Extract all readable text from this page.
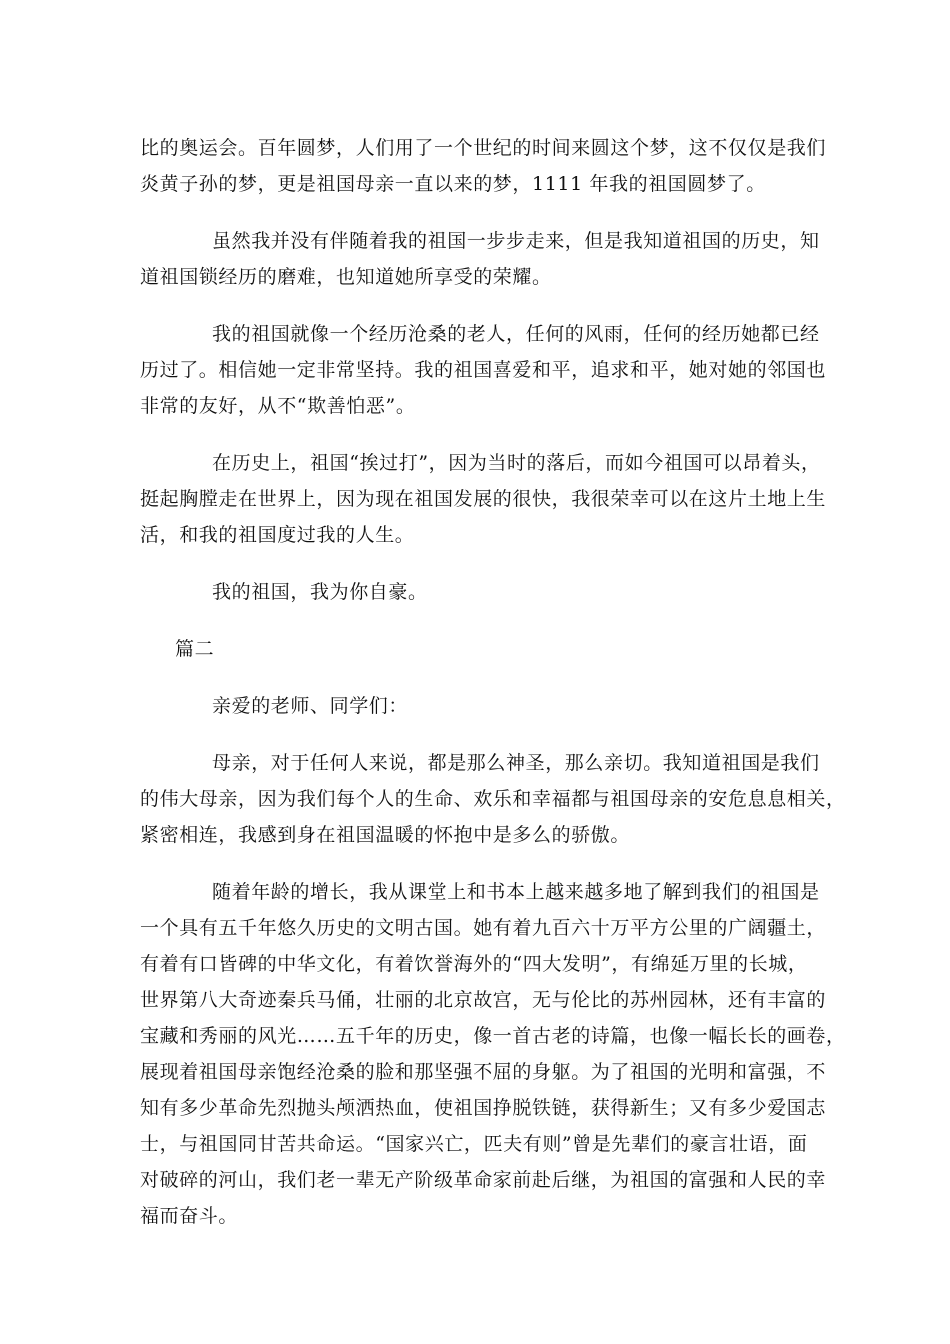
比的奥运会。百年圆梦，人们用了一个世纪的时间来圆这个梦，这不仅仅是我们
炎黄子孙的梦，更是祖国母亲一直以来的梦，1111 年我的祖国圆梦了。
虽然我并没有伴随着我的祖国一步步走来，但是我知道祖国的历史，知
道祖国锁经历的磨难，也知道她所享受的荣耀。
我的祖国就像一个经历沧桑的老人，任何的风雨，任何的经历她都已经
历过了。相信她一定非常坚持。我的祖国喜爱和平，追求和平，她对她的邻国也
非常的友好，从不“欺善怕恶”。
在历史上，祖国“挨过打”，因为当时的落后，而如今祖国可以昂着头，
挺起胸膛走在世界上，因为现在祖国发展的很快，我很荣幸可以在这片土地上生
活，和我的祖国度过我的人生。
我的祖国，我为你自豪。
篇二
亲爱的老师、同学们：
母亲，对于任何人来说，都是那么神圣，那么亲切。我知道祖国是我们
的伟大母亲，因为我们每个人的生命、欢乐和幸福都与祖国母亲的安危息息相关，
紧密相连，我感到身在祖国温暖的怀抱中是多么的骄傲。
随着年龄的增长，我从课堂上和书本上越来越多地了解到我们的祖国是
一个具有五千年悠久历史的文明古国。她有着九百六十万平方公里的广阔疆土，
有着有口皆碑的中华文化，有着饮誉海外的“四大发明”，有绵延万里的长城，
世界第八大奇迹秦兵马俑，壮丽的北京故宫，无与伦比的苏州园林，还有丰富的
宝藏和秀丽的风光……五千年的历史，像一首古老的诗篇，也像一幅长长的画卷，
展现着祖国母亲饱经沧桑的脸和那坚强不屈的身躯。为了祖国的光明和富强，不
知有多少革命先烈抛头颅洒热血，使祖国挣脱铁链，获得新生；又有多少爱国志
士，与祖国同甘苦共命运。“国家兴亡，匹夫有则”曾是先辈们的豪言壮语，面
对破碎的河山，我们老一辈无产阶级革命家前赴后继，为祖国的富强和人民的幸
福而奋斗。
